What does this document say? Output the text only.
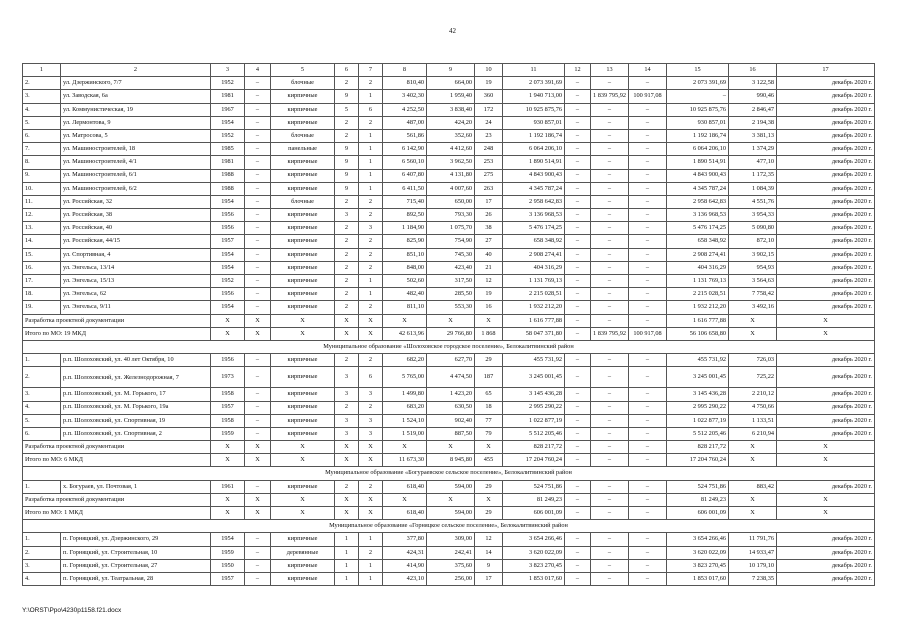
42
1	2	3	4	5	6	7	8	9	10	11	12	13	14	15	16	17
2.	ул. Дзержинского, 7/7	1952	–	блочные	2	2	810,40	664,00	19	2 073 391,69	–	–	–	2 073 391,69	3 122,58	декабрь 2020 г.
3.	ул. Заводская, 6а	1981	–	кирпичные	9	1	3 402,30	1 959,40	360	1 940 713,00	–	1 839 795,92	100 917,08	–	990,46	декабрь 2020 г.
4.	ул. Коммунистическая, 19	1967	–	кирпичные	5	6	4 252,50	3 838,40	172	10 925 875,76	–	–	–	10 925 875,76	2 846,47	декабрь 2020 г.
5.	ул. Лермонтова, 9	1954	–	кирпичные	2	2	487,00	424,20	24	930 857,01	–	–	–	930 857,01	2 194,38	декабрь 2020 г.
6.	ул. Матросова, 5	1952	–	блочные	2	1	561,86	352,60	23	1 192 186,74	–	–	–	1 192 186,74	3 381,13	декабрь 2020 г.
7.	ул. Машиностроителей, 18	1985	–	панельные	9	1	6 142,90	4 412,60	248	6 064 206,10	–	–	–	6 064 206,10	1 374,29	декабрь 2020 г.
8.	ул. Машиностроителей, 4/1	1981	–	кирпичные	9	1	6 560,10	3 962,50	253	1 890 514,91	–	–	–	1 890 514,91	477,10	декабрь 2020 г.
9.	ул. Машиностроителей, 6/1	1988	–	кирпичные	9	1	6 407,80	4 131,80	275	4 843 900,43	–	–	–	4 843 900,43	1 172,35	декабрь 2020 г.
10.	ул. Машиностроителей, 6/2	1988	–	кирпичные	9	1	6 411,50	4 007,60	263	4 345 787,24	–	–	–	4 345 787,24	1 084,39	декабрь 2020 г.
11.	ул. Российская, 32	1954	–	блочные	2	2	715,40	650,00	17	2 958 642,83	–	–	–	2 958 642,83	4 551,76	декабрь 2020 г.
12.	ул. Российская, 38	1956	–	кирпичные	3	2	892,50	793,30	26	3 136 968,53	–	–	–	3 136 968,53	3 954,33	декабрь 2020 г.
13.	ул. Российская, 40	1956	–	кирпичные	2	3	1 184,90	1 075,70	38	5 476 174,25	–	–	–	5 476 174,25	5 090,80	декабрь 2020 г.
14.	ул. Российская, 44/15	1957	–	кирпичные	2	2	825,90	754,90	27	658 348,92	–	–	–	658 348,92	872,10	декабрь 2020 г.
15.	ул. Спортивная, 4	1954	–	кирпичные	2	2	851,10	745,30	40	2 908 274,41	–	–	–	2 908 274,41	3 902,15	декабрь 2020 г.
16.	ул. Энгельса, 13/14	1954	–	кирпичные	2	2	848,00	423,40	21	404 316,29	–	–	–	404 316,29	954,93	декабрь 2020 г.
17.	ул. Энгельса, 15/13	1952	–	кирпичные	2	1	502,60	317,50	12	1 131 769,13	–	–	–	1 131 769,13	3 564,63	декабрь 2020 г.
18.	ул. Энгельса, 62	1956	–	кирпичные	2	1	482,40	285,50	19	2 215 028,51	–	–	–	2 215 028,51	7 758,42	декабрь 2020 г.
19.	ул. Энгельса, 9/11	1954	–	кирпичные	2	2	811,10	553,30	16	1 932 212,20	–	–	–	1 932 212,20	3 492,16	декабрь 2020 г.
Разработка проектной документации		X	X	X	X	X	X	X	X	1 616 777,88	–	–	–	1 616 777,88	X	X
Итого по МО: 19 МКД		X	X	X	X	X	42 613,96	29 766,80	1 868	58 047 371,80	–	1 839 795,92	100 917,08	56 106 658,80	X	X
Муниципальное образование «Шолоховское городское поселение», Белокалитвинский район																
1.	р.п. Шолоховский, ул. 40 лет Октября, 10	1956	–	кирпичные	2	2	682,20	627,70	29	455 731,92	–	–	–	455 731,92	726,03	декабрь 2020 г.
2.	р.п. Шолоховский, ул. Железнодорожная, 7	1973	–	кирпичные	3	6	5 765,00	4 474,50	187	3 245 001,45	–	–	–	3 245 001,45	725,22	декабрь 2020 г.
3.	р.п. Шолоховский, ул. М. Горького, 17	1958	–	кирпичные	3	3	1 499,80	1 423,20	65	3 145 436,28	–	–	–	3 145 436,28	2 210,12	декабрь 2020 г.
4.	р.п. Шолоховский, ул. М. Горького, 19а	1957	–	кирпичные	2	2	683,20	630,50	18	2 995 290,22	–	–	–	2 995 290,22	4 750,66	декабрь 2020 г.
5.	р.п. Шолоховский, ул. Спортивная, 19	1958	–	кирпичные	3	3	1 524,10	902,40	77	1 022 877,19	–	–	–	1 022 877,19	1 133,51	декабрь 2020 г.
6.	р.п. Шолоховский, ул. Спортивная, 2	1959	–	кирпичные	3	3	1 519,00	887,50	79	5 512 205,46	–	–	–	5 512 205,46	6 210,94	декабрь 2020 г.
Разработка проектной документации		X	X	X	X	X	X	X	X	828 217,72	–	–	–	828 217,72	X	X
Итого по МО: 6 МКД		X	X	X	X	X	11 673,30	8 945,80	455	17 204 760,24	–	–	–	17 204 760,24	X	X
Муниципальное образование «Богураевское сельское поселение», Белокалитвинский район																
1.	х. Богураев, ул. Почтовая, 1	1961	–	кирпичные	2	2	618,40	594,00	29	524 751,86	–	–	–	524 751,86	883,42	декабрь 2020 г.
Разработка проектной документации		X	X	X	X	X	X	X	X	81 249,23	–	–	–	81 249,23	X	X
Итого по МО: 1 МКД		X	X	X	X	X	618,40	594,00	29	606 001,09	–	–	–	606 001,09	X	X
Муниципальное образование «Горняцкое сельское поселение», Белокалитвинский район																
1.	п. Горняцкий, ул. Дзержинского, 29	1954	–	кирпичные	1	1	377,80	309,00	12	3 654 266,46	–	–	–	3 654 266,46	11 791,76	декабрь 2020 г.
2.	п. Горняцкий, ул. Строительная, 10	1959	–	деревянные	1	2	424,31	242,41	14	3 620 022,09	–	–	–	3 620 022,09	14 933,47	декабрь 2020 г.
3.	п. Горняцкий, ул. Строительная, 27	1950	–	кирпичные	1	1	414,90	375,60	9	3 823 270,45	–	–	–	3 823 270,45	10 179,10	декабрь 2020 г.
4.	п. Горняцкий, ул. Театральная, 28	1957	–	кирпичные	1	1	423,10	256,00	17	1 853 017,60	–	–	–	1 853 017,60	7 238,35	декабрь 2020 г.
Y:\ORST\Ppo\4230p1158.f21.docx
